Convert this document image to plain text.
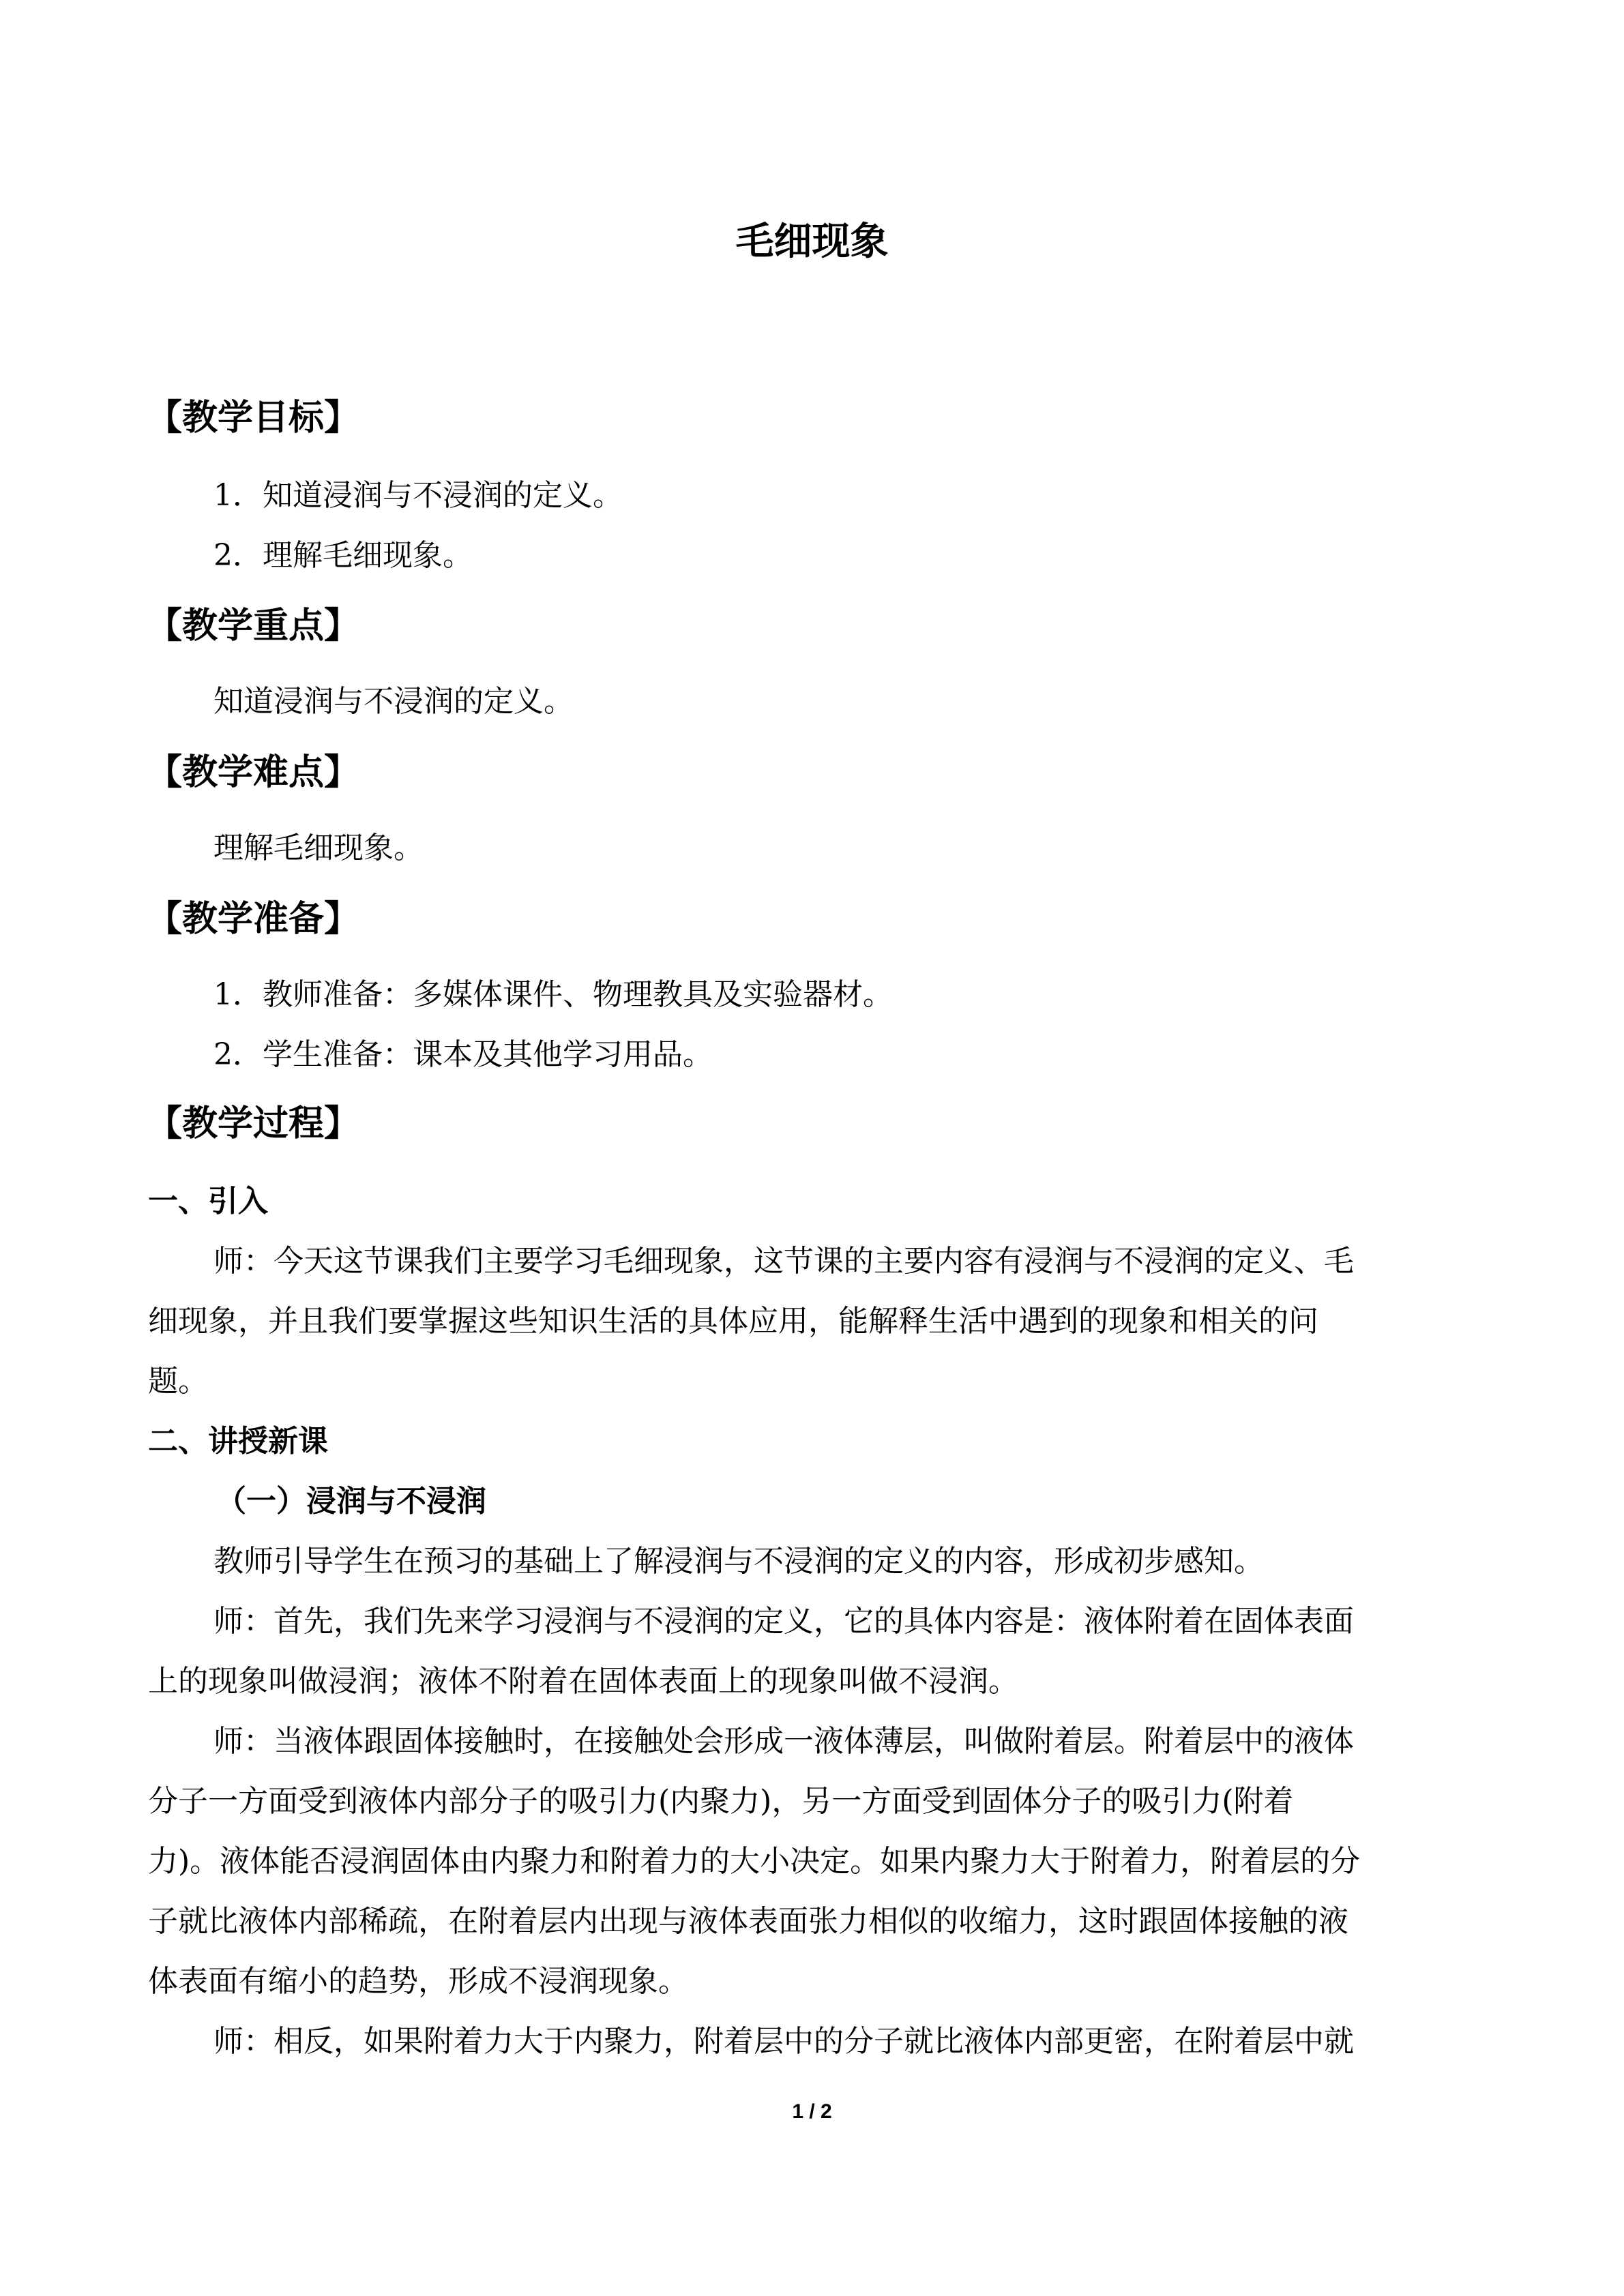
毛细现象
【教学目标】
1．知道浸润与不浸润的定义。
2．理解毛细现象。
【教学重点】
知道浸润与不浸润的定义。
【教学难点】
理解毛细现象。
【教学准备】
1．教师准备：多媒体课件、物理教具及实验器材。
2．学生准备：课本及其他学习用品。
【教学过程】
一、引入
师：今天这节课我们主要学习毛细现象，这节课的主要内容有浸润与不浸润的定义、毛
细现象，并且我们要掌握这些知识生活的具体应用，能解释生活中遇到的现象和相关的问
题。
二、讲授新课
（一）浸润与不浸润
教师引导学生在预习的基础上了解浸润与不浸润的定义的内容，形成初步感知。
师：首先，我们先来学习浸润与不浸润的定义，它的具体内容是：液体附着在固体表面
上的现象叫做浸润；液体不附着在固体表面上的现象叫做不浸润。
师：当液体跟固体接触时，在接触处会形成一液体薄层，叫做附着层。附着层中的液体
分子一方面受到液体内部分子的吸引力(内聚力)，另一方面受到固体分子的吸引力(附着
力)。液体能否浸润固体由内聚力和附着力的大小决定。如果内聚力大于附着力，附着层的分
子就比液体内部稀疏，在附着层内出现与液体表面张力相似的收缩力，这时跟固体接触的液
体表面有缩小的趋势，形成不浸润现象。
师：相反，如果附着力大于内聚力，附着层中的分子就比液体内部更密，在附着层中就
1 / 2
